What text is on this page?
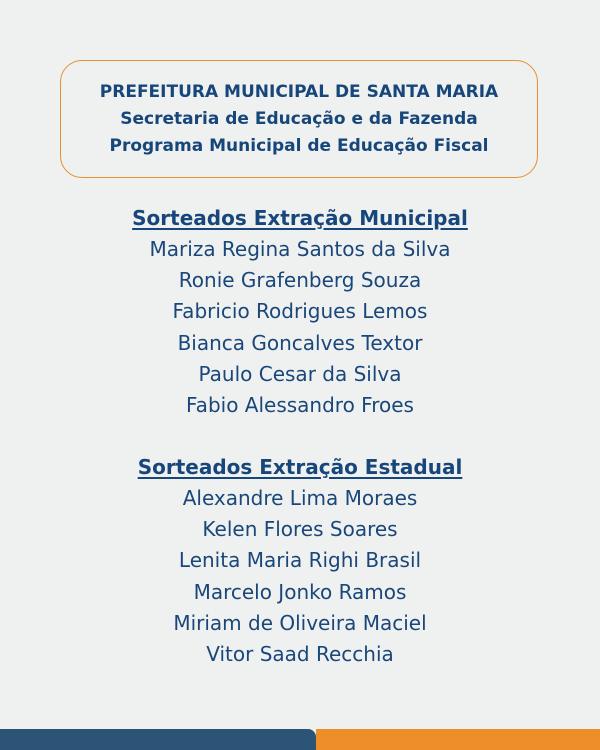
PREFEITURA MUNICIPAL DE SANTA MARIA
Secretaria de Educação e da Fazenda
Programa Municipal de Educação Fiscal
Sorteados Extração Municipal
Mariza Regina Santos da Silva
Ronie Grafenberg Souza
Fabricio Rodrigues Lemos
Bianca Goncalves Textor
Paulo Cesar da Silva
Fabio Alessandro Froes
Sorteados Extração Estadual
Alexandre Lima Moraes
Kelen Flores Soares
Lenita Maria Righi Brasil
Marcelo Jonko Ramos
Miriam de Oliveira Maciel
Vitor Saad Recchia
